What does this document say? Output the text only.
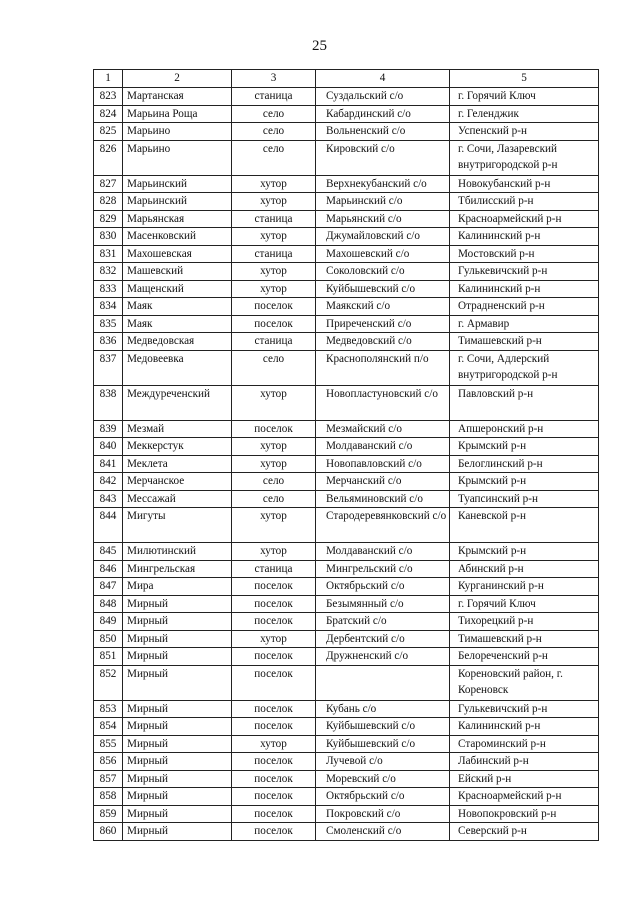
25
1	2	3	4	5
823	Мартанская	станица	Суздальский с/о	г. Горячий Ключ
824	Марьина Роща	село	Кабардинский с/о	г. Геленджик
825	Марьино	село	Вольненский с/о	Успенский р-н
826	Марьино	село	Кировский с/о	г. Сочи, Лазаревский внутригородской р-н
827	Марьинский	хутор	Верхнекубанский с/о	Новокубанский р-н
828	Марьинский	хутор	Марьинский с/о	Тбилисский р-н
829	Марьянская	станица	Марьянский с/о	Красноармейский р-н
830	Масенковский	хутор	Джумайловский с/о	Калининский р-н
831	Махошевская	станица	Махошевский с/о	Мостовский р-н
832	Машевский	хутор	Соколовский с/о	Гулькевичский р-н
833	Мащенский	хутор	Куйбышевский с/о	Калининский р-н
834	Маяк	поселок	Маякский с/о	Отрадненский р-н
835	Маяк	поселок	Приреченский с/о	г. Армавир
836	Медведовская	станица	Медведовский с/о	Тимашевский р-н
837	Медовеевка	село	Краснополянский п/о	г. Сочи, Адлерский внутригородской р-н
838	Междуреченский	хутор	Новопластуновский с/о	Павловский р-н
839	Мезмай	поселок	Мезмайский с/о	Апшеронский р-н
840	Меккерстук	хутор	Молдаванский с/о	Крымский р-н
841	Меклета	хутор	Новопавловский с/о	Белоглинский р-н
842	Мерчанское	село	Мерчанский с/о	Крымский р-н
843	Мессажай	село	Вельяминовский с/о	Туапсинский р-н
844	Мигуты	хутор	Стародеревянковский с/о	Каневской р-н
845	Милютинский	хутор	Молдаванский с/о	Крымский р-н
846	Мингрельская	станица	Мингрельский с/о	Абинский р-н
847	Мира	поселок	Октябрьский с/о	Курганинский р-н
848	Мирный	поселок	Безымянный с/о	г. Горячий Ключ
849	Мирный	поселок	Братский с/о	Тихорецкий р-н
850	Мирный	хутор	Дербентский с/о	Тимашевский р-н
851	Мирный	поселок	Дружненский с/о	Белореченский р-н
852	Мирный	поселок		Кореновский район, г. Кореновск
853	Мирный	поселок	Кубань с/о	Гулькевичский р-н
854	Мирный	поселок	Куйбышевский с/о	Калининский р-н
855	Мирный	хутор	Куйбышевский с/о	Староминский р-н
856	Мирный	поселок	Лучевой с/о	Лабинский р-н
857	Мирный	поселок	Моревский с/о	Ейский р-н
858	Мирный	поселок	Октябрьский с/о	Красноармейский р-н
859	Мирный	поселок	Покровский с/о	Новопокровский р-н
860	Мирный	поселок	Смоленский с/о	Северский р-н
